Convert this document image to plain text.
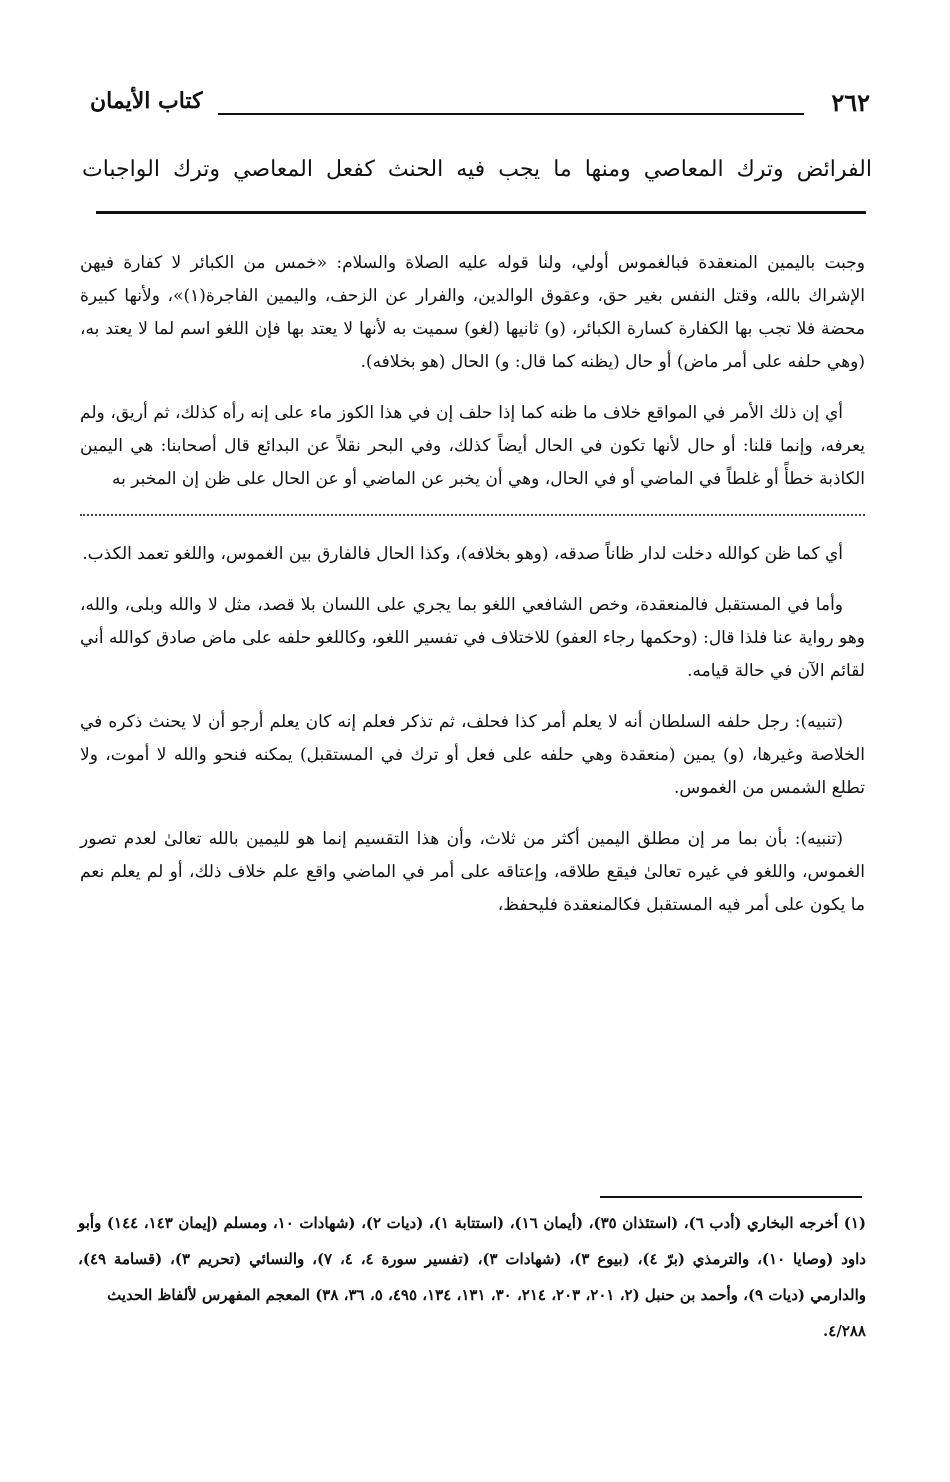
٢٦٢
كتاب الأيمان
الفرائض وترك المعاصي ومنها ما يجب فيه الحنث كفعل المعاصي وترك الواجبات

وجبت باليمين المنعقدة فبالغموس أولي، ولنا قوله عليه الصلاة والسلام: «خمس من الكبائر لا كفارة فيهن الإشراك بالله، وقتل النفس بغير حق، وعقوق الوالدين، والفرار عن الزحف، واليمين الفاجرة(١)»، ولأنها كبيرة محضة فلا تجب بها الكفارة كسارة الكبائر، (و) ثانيها (لغو) سميت به لأنها لا يعتد بها فإن اللغو اسم لما لا يعتد به، (وهي حلفه على أمر ماض) أو حال (يظنه كما قال: و) الحال (هو بخلافه).

أي إن ذلك الأمر في المواقع خلاف ما ظنه كما إذا حلف إن في هذا الكوز ماء على إنه رأه كذلك، ثم أريق، ولم يعرفه، وإنما قلنا: أو حال لأنها تكون في الحال أيضاً كذلك، وفي البحر نقلاً عن البدائع قال أصحابنا: هي اليمين الكاذبة خطأً أو غلطاً في الماضي أو في الحال، وهي أن يخبر عن الماضي أو عن الحال على ظن إن المخبر به

أي كما ظن كوالله دخلت لدار ظاناً صدقه، (وهو بخلافه)، وكذا الحال فالفارق بين الغموس، واللغو تعمد الكذب.

وأما في المستقبل فالمنعقدة، وخص الشافعي اللغو بما يجري على اللسان بلا قصد، مثل لا والله وبلى، والله، وهو رواية عنا فلذا قال: (وحكمها رجاء العفو) للاختلاف في تفسير اللغو، وكاللغو حلفه على ماض صادق كوالله أني لقائم الآن في حالة قيامه.

(تنبيه): رجل حلفه السلطان أنه لا يعلم أمر كذا فحلف، ثم تذكر فعلم إنه كان يعلم أرجو أن لا يحنث ذكره في الخلاصة وغيرها، (و) يمين (منعقدة وهي حلفه على فعل أو ترك في المستقبل) يمكنه فنحو والله لا أموت، ولا تطلع الشمس من الغموس.

(تنبيه): بأن بما مر إن مطلق اليمين أكثر من ثلاث، وأن هذا التقسيم إنما هو لليمين بالله تعالىٰ لعدم تصور الغموس، واللغو في غيره تعالىٰ فيقع طلاقه، وإعتاقه على أمر في الماضي واقع علم خلاف ذلك، أو لم يعلم نعم ما يكون على أمر فيه المستقبل فكالمنعقدة فليحفظ،

(١) أخرجه البخاري (أدب ٦)، (استئذان ٣٥)، (أيمان ١٦)، (استتابة ١)، (ديات ٢)، (شهادات ١٠، ومسلم (إيمان ١٤٣، ١٤٤) وأبو داود (وصايا ١٠)، والترمذي (برّ ٤)، (بيوع ٣)، (شهادات ٣)، (تفسير سورة ٤، ٤، ٧)، والنسائي (تحريم ٣)، (قسامة ٤٩)، والدارمي (ديات ٩)، وأحمد بن حنبل (٢، ٢٠١، ٢٠٣، ٢١٤، ٣٠، ١٣١، ١٣٤، ٤٩٥، ٥، ٣٦، ٣٨) المعجم المفهرس لألفاظ الحديث

٤/٢٨٨.
